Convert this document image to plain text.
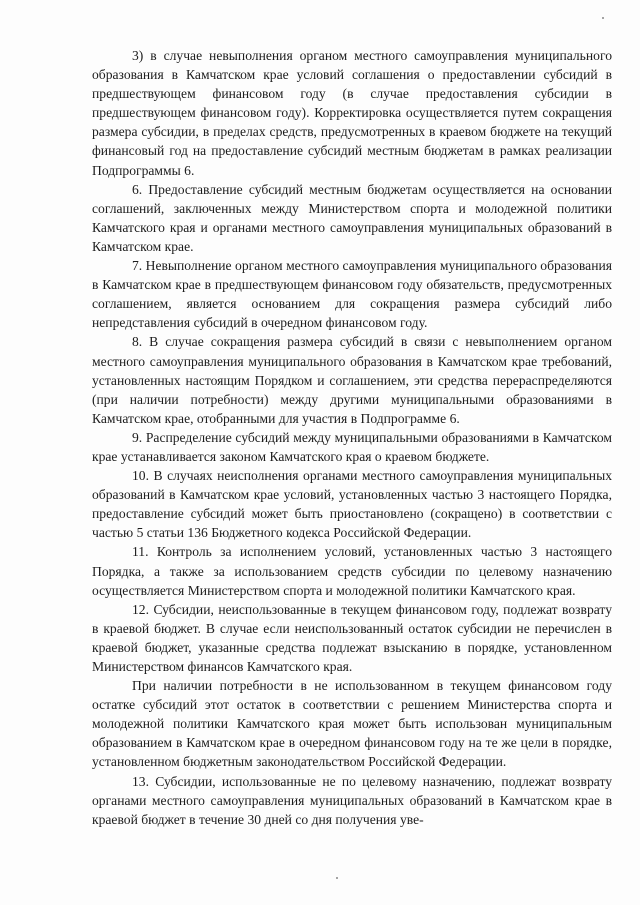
3) в случае невыполнения органом местного самоуправления муниципального образования в Камчатском крае условий соглашения о предоставлении субсидий в предшествующем финансовом году (в случае предоставления субсидии в предшествующем финансовом году). Корректировка осуществляется путем сокращения размера субсидии, в пределах средств, предусмотренных в краевом бюджете на текущий финансовый год на предоставление субсидий местным бюджетам в рамках реализации Подпрограммы 6.

6. Предоставление субсидий местным бюджетам осуществляется на основании соглашений, заключенных между Министерством спорта и молодежной политики Камчатского края и органами местного самоуправления муниципальных образований в Камчатском крае.

7. Невыполнение органом местного самоуправления муниципального образования в Камчатском крае в предшествующем финансовом году обязательств, предусмотренных соглашением, является основанием для сокращения размера субсидий либо непредставления субсидий в очередном финансовом году.

8. В случае сокращения размера субсидий в связи с невыполнением органом местного самоуправления муниципального образования в Камчатском крае требований, установленных настоящим Порядком и соглашением, эти средства перераспределяются (при наличии потребности) между другими муниципальными образованиями в Камчатском крае, отобранными для участия в Подпрограмме 6.

9. Распределение субсидий между муниципальными образованиями в Камчатском крае устанавливается законом Камчатского края о краевом бюджете.

10. В случаях неисполнения органами местного самоуправления муниципальных образований в Камчатском крае условий, установленных частью 3 настоящего Порядка, предоставление субсидий может быть приостановлено (сокращено) в соответствии с частью 5 статьи 136 Бюджетного кодекса Российской Федерации.

11. Контроль за исполнением условий, установленных частью 3 настоящего Порядка, а также за использованием средств субсидии по целевому назначению осуществляется Министерством спорта и молодежной политики Камчатского края.

12. Субсидии, неиспользованные в текущем финансовом году, подлежат возврату в краевой бюджет. В случае если неиспользованный остаток субсидии не перечислен в краевой бюджет, указанные средства подлежат взысканию в порядке, установленном Министерством финансов Камчатского края.

При наличии потребности в не использованном в текущем финансовом году остатке субсидий этот остаток в соответствии с решением Министерства спорта и молодежной политики Камчатского края может быть использован муниципальным образованием в Камчатском крае в очередном финансовом году на те же цели в порядке, установленном бюджетным законодательством Российской Федерации.

13. Субсидии, использованные не по целевому назначению, подлежат возврату органами местного самоуправления муниципальных образований в Камчатском крае в краевой бюджет в течение 30 дней со дня получения уве-
